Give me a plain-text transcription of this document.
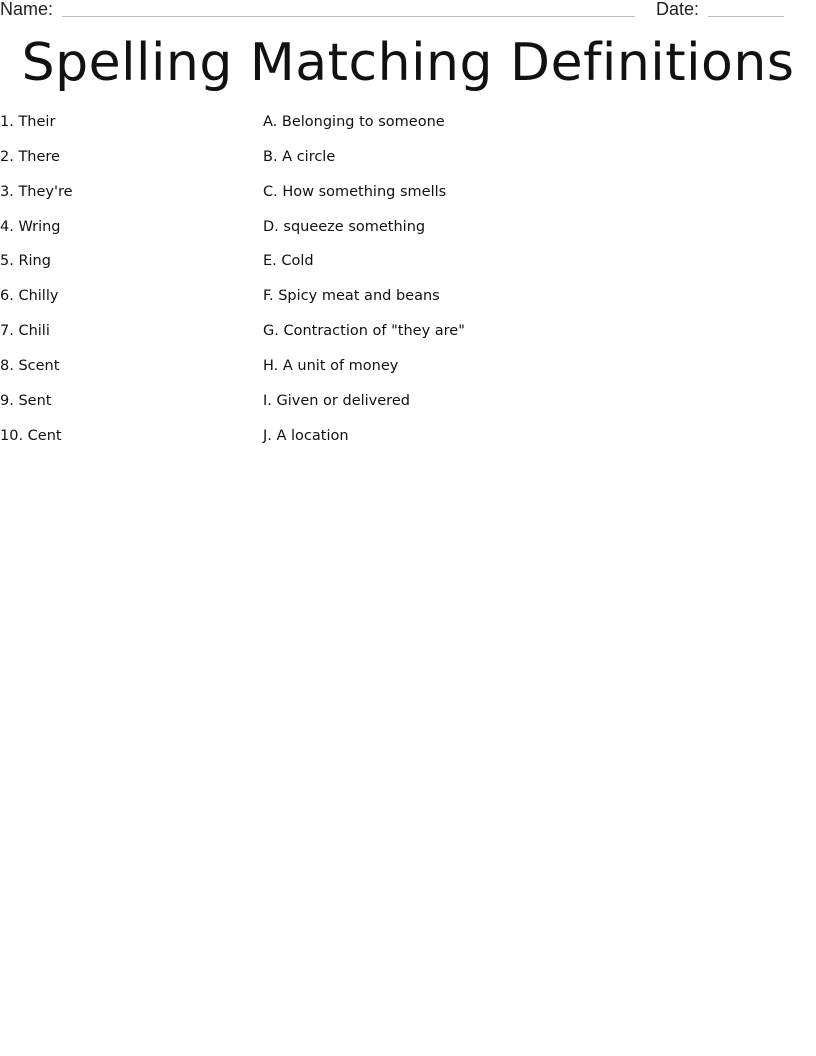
Name:	Date:
Spelling Matching Definitions
1. Their
2. There
3. They're
4. Wring
5. Ring
6. Chilly
7. Chili
8. Scent
9. Sent
10. Cent
A. Belonging to someone
B. A circle
C. How something smells
D. squeeze something
E. Cold
F. Spicy meat and beans
G. Contraction of "they are"
H. A unit of money
I. Given or delivered
J. A location
